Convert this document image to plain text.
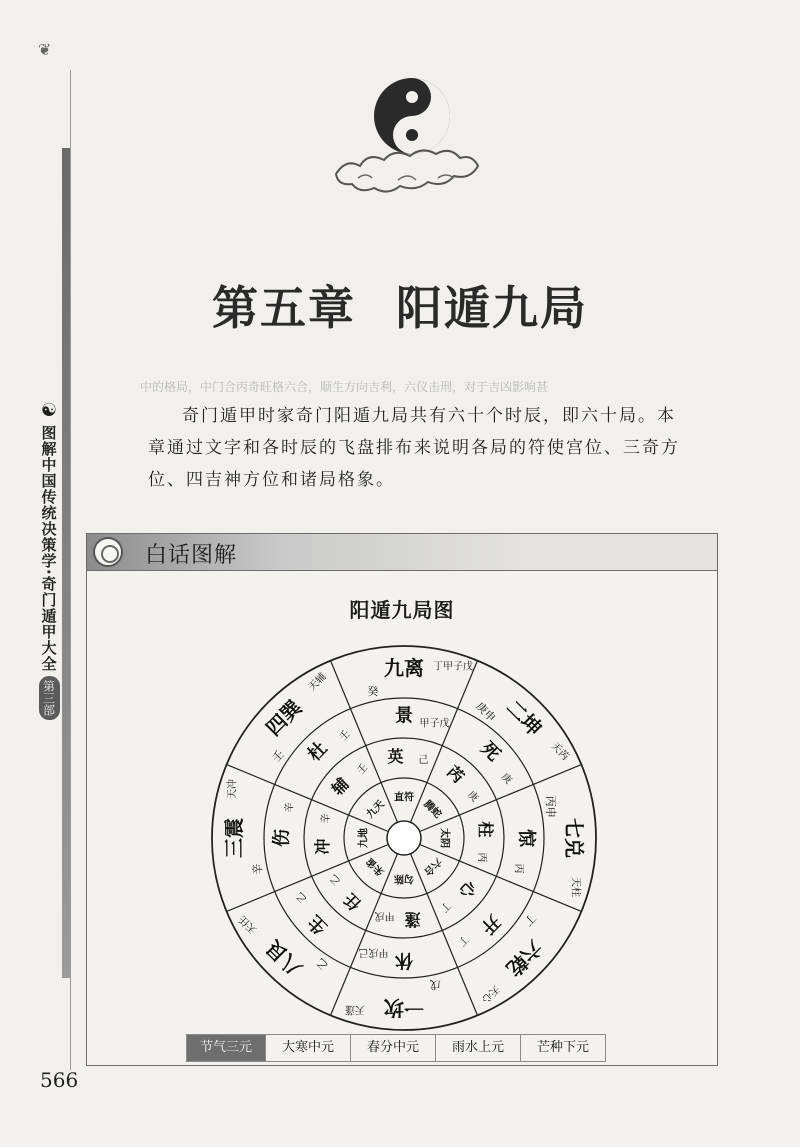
❦
☯
图解中国传统决策学·奇门遁甲大全
第三部
第五章 阳遁九局
中的格局，中门合丙奇旺格六合，顺生方向吉利，六仪击刑，对于吉凶影响甚

奇门遁甲时家奇门阳遁九局共有六十个时辰，即六十局。本章通过文字和各时辰的飞盘排布来说明各局的符使宫位、三奇方位、四吉神方位和诸局格象。

白话图解
阳遁九局图
九离
癸
丁甲子戊
二坤
庚申
天芮
七兑
丙申
天柱
六乾
丁
天心
一坎
戊
天蓬
八艮 乙
天任
三震
辛
天冲
四巽
壬
天辅
景 甲子戊
死
庚
惊
丙
开
丁
休
甲戌己
生
乙
伤
辛
杜
壬
英 己
芮
庚
柱
丙
心
丁
蓬
甲戌
任
乙
冲
辛
辅
壬
直符
腾蛇
太阴
六合
勾陈
朱雀
九地
九天
节气三元	大寒中元	春分中元	雨水上元	芒种下元
566
